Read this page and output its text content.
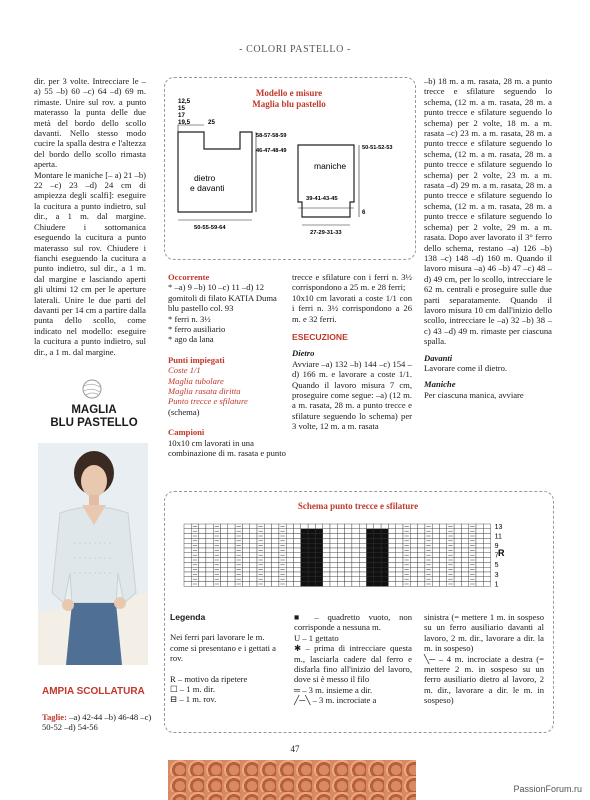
- COLORI PASTELLO -

dir. per 3 volte. Intrecciare le –a) 55 –b) 60 –c) 64 –d) 69 m. rimaste. Unire sul rov. a punto materasso la punta delle due metà del bordo dello scollo davanti. Nello stesso modo cucire la spalla destra e l'altezza del bordo dello scollo rimasta aperta.

Montare le maniche [– a) 21 –b) 22 –c) 23 –d) 24 cm di ampiezza degli scalfi]: eseguire la cucitura a punto indietro, sul dir., a 1 m. dal margine. Chiudere i sottomanica eseguendo la cucitura a punto materasso sul rov. Chiudere i fianchi eseguendo la cucitura a punto indietro, sul dir., a 1 m. dal margine e lasciando aperti gli ultimi 12 cm per le aperture laterali. Unire le due parti del davanti per 14 cm a partire dalla punta dello scollo, come indicato nel modello: eseguire la cucitura a punto indietro, sul dir., a 1 m. dal margine.

MAGLIA
BLU PASTELLO
AMPIA SCOLLATURA
Taglie: –a) 42-44 –b) 46-48 –c) 50-52 –d) 54-56
Modello e misure
Maglia blu pastello
dietro
e davanti
maniche
12,5
15
17
19,5	25
58-57-58-59
46-47-48-49
50-55-59-64
50-51-52-53
39-41-43-45
6
27-29-31-33
Occorrente

* –a) 9 –b) 10 –c) 11 –d) 12 gomitoli di filato KATIA Duma blu pastello col. 93

* ferri n. 3½

* ferro ausiliario

* ago da lana

Punti impiegati

Coste 1/1

Maglia tubolare

Maglia rasata diritta

Punto trecce e sfilature

(schema)

Campioni

10x10 cm lavorati in una combinazione di m. rasata e punto

trecce e sfilature con i ferri n. 3½ corrispondono a 25 m. e 28 ferri;

10x10 cm lavorati a coste 1/1 con i ferri n. 3½ corrispondono a 26 m. e 32 ferri.

ESECUZIONE
Dietro

Avviare –a) 132 –b) 144 –c) 154 –d) 166 m. e lavorare a coste 1/1. Quando il lavoro misura 7 cm, proseguire come segue: –a) (12 m. a m. rasata, 28 m. a punto trecce e sfilature seguendo lo schema) per 3 volte, 12 m. a m. rasata

–b) 18 m. a m. rasata, 28 m. a punto trecce e sfilature seguendo lo schema, (12 m. a m. rasata, 28 m. a punto trecce e sfilature seguendo lo schema) per 2 volte, 18 m. a m. rasata –c) 23 m. a m. rasata, 28 m. a punto trecce e sfilature seguendo lo schema, (12 m. a m. rasata, 28 m. a punto trecce e sfilature seguendo lo schema) per 2 volte, 23 m. a m. rasata –d) 29 m. a m. rasata, 28 m. a punto trecce e sfilature seguendo lo schema, (12 m. a m. rasata, 28 m. a punto trecce e sfilature seguendo lo schema) per 2 volte, 29 m. a m. rasata. Dopo aver lavorato il 3° ferro dello schema, restano –a) 126 –b) 138 –c) 148 –d) 160 m. Quando il lavoro misura –a) 46 –b) 47 –c) 48 –d) 49 cm, per lo scollo, intrecciare le 62 m. centrali e proseguire sulle due parti separatamente. Quando il lavoro misura 10 cm dall'inizio dello scollo, intrecciare le –a) 32 –b) 38 –c) 43 –d) 49 m. rimaste per ciascuna spalla.

Davanti

Lavorare come il dietro.

Maniche

Per ciascuna manica, avviare

Schema punto trecce e sfilature
13
11
9
7
5
3
1
R
Legenda

Nei ferri pari lavorare le m. come si presentano e i gettati a rov.

R – motivo da ripetere

☐ – 1 m. dir.

⊟ – 1 m. rov.

■ – quadretto vuoto, non corrisponde a nessuna m.

U – 1 gettato

✱ – prima di intrecciare questa m., lasciarla cadere dal ferro e disfarla fino all'inizio del lavoro, dove si è messo il filo

═ – 3 m. insieme a dir.

╱─╲ – 3 m. incrociate a

sinistra (= mettere 1 m. in sospeso su un ferro ausiliario davanti al lavoro, 2 m. dir., lavorare a dir. la m. in sospeso)

╲─ – 4 m. incrociate a destra (= mettere 2 m. in sospeso su un ferro ausiliario dietro al lavoro, 2 m. dir., lavorare a dir. le m. in sospeso)

47
PassionForum.ru
